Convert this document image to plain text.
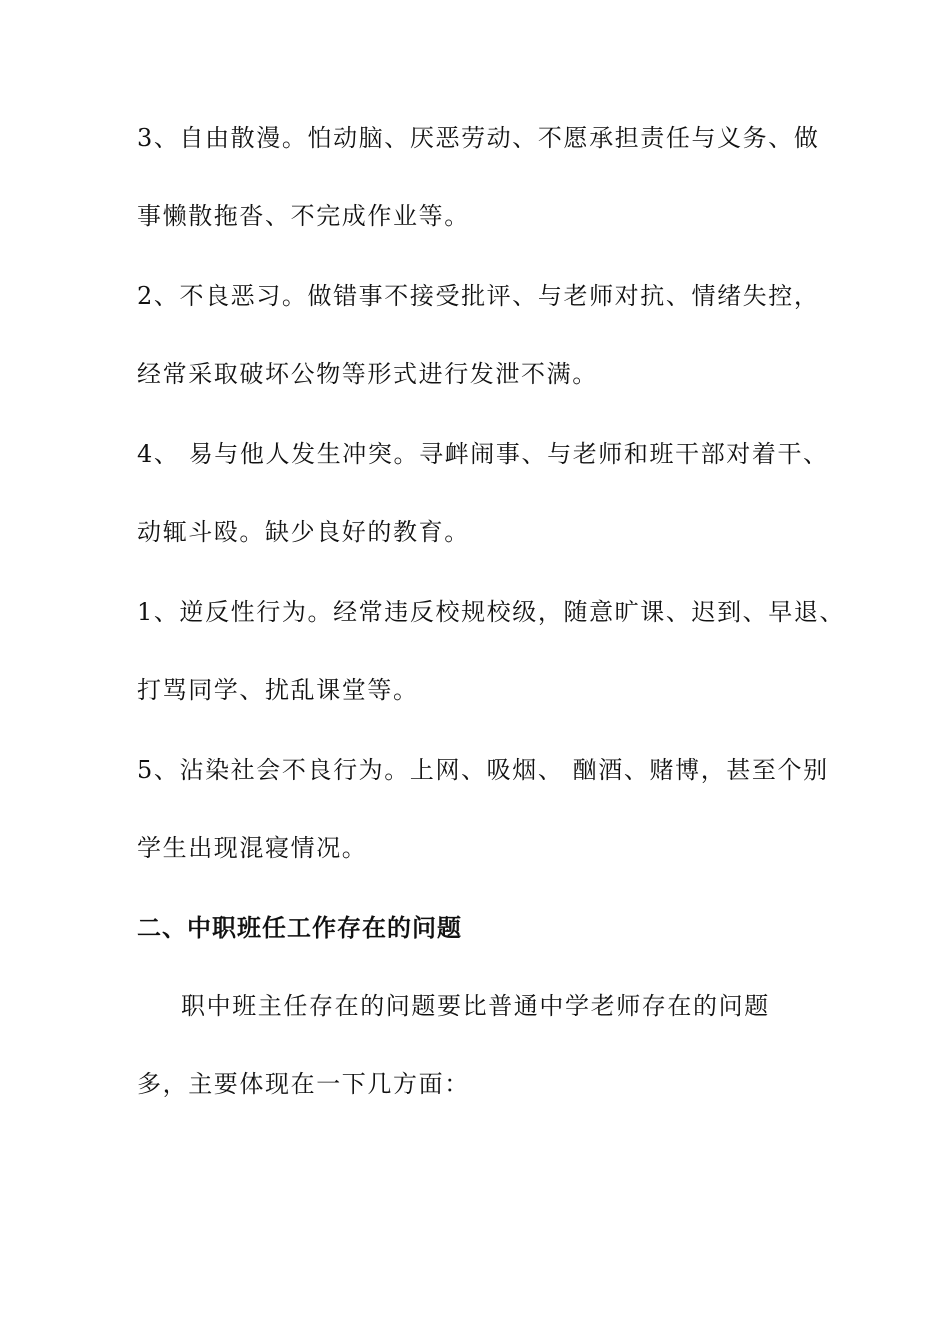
3、自由散漫。怕动脑、厌恶劳动、不愿承担责任与义务、做
事懒散拖沓、不完成作业等。
2、不良恶习。做错事不接受批评、与老师对抗、情绪失控，
经常采取破坏公物等形式进行发泄不满。
4、 易与他人发生冲突。寻衅闹事、与老师和班干部对着干、
动辄斗殴。缺少良好的教育。
1、逆反性行为。经常违反校规校级，随意旷课、迟到、早退、
打骂同学、扰乱课堂等。
5、沾染社会不良行为。上网、吸烟、 酗酒、赌博，甚至个别
学生出现混寝情况。
二、中职班任工作存在的问题
职中班主任存在的问题要比普通中学老师存在的问题
多，主要体现在一下几方面：
